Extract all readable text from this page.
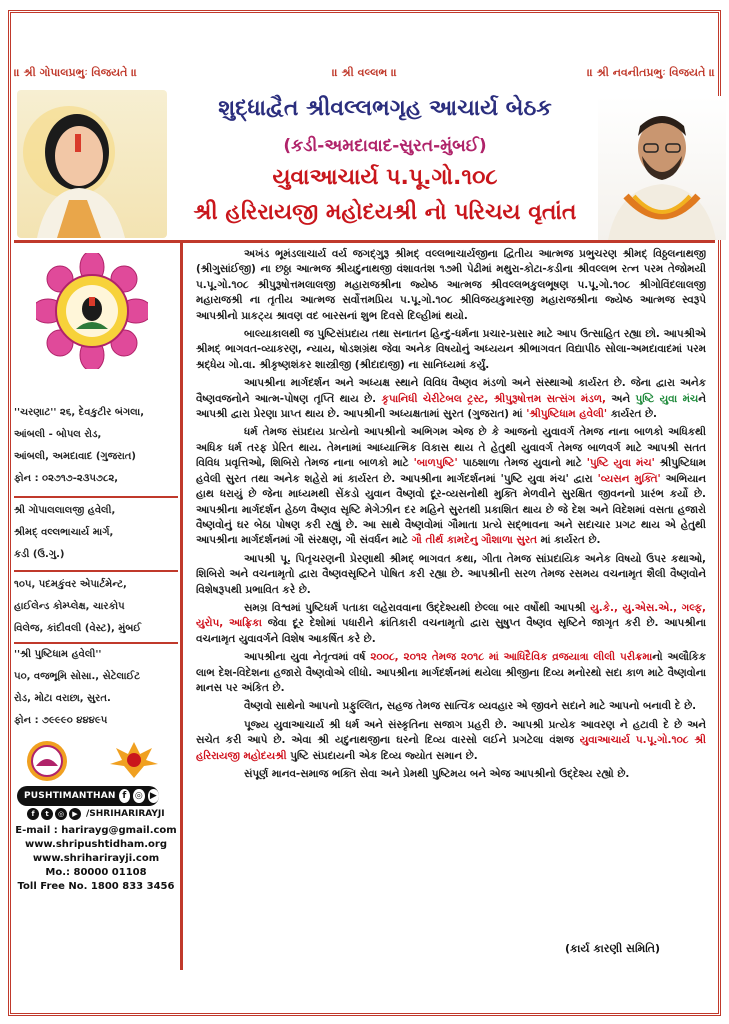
॥ શ્રી ગોપાલપ્રભુઃ વિજયતે ॥	॥ શ્રી વલ્લભ ॥	॥ શ્રી નવનીતપ્રભુઃ વિજયતે ॥
શુદ્ધાદ્વૈત શ્રીવલ્લભગૃહ આચાર્ય બેઠક
(કડી-અમદાવાદ-સુરત-મુંબઈ)
યુવાઆચાર્ય પ.પૂ.ગો.૧૦૮
શ્રી હરિરાયજી મહોદયશ્રી નો પરિચય વૃતાંત
''ચરણાટ'' ૨૬, દેવકુટીર બંગલા,
આંબલી - બોપલ રોડ,
આંબલી, અમદાવાદ (ગુજરાત)
ફોન : ૦૨૭૧૭-૨૩૫૭૮૨,
શ્રી ગોપાલલાલજી હવેલી,
શ્રીમદ્ વલ્લભાચાર્ય માર્ગ,
કડી (ઉ.ગુ.)
૧૦૫, પદમકુંવર એપાર્ટમેન્ટ,
હાઈલેન્ડ કોમ્પ્લેક્ષ, ચારકોપ
વિલેજ, કાંદીવલી (વેસ્ટ), મુંબઈ
''શ્રી પુષ્ટિધામ હવેલી''
૫૦, વજભૂમિ સોસા., સેટેલાઈટ
રોડ, મોટા વરાછા, સુરત.
ફોન : ૭૯૯૯૦ ૪૪૪૯૫
PUSHTIMANTHAN f ◎ ▶
f	t	◎	▶ /SHRIHARIRAYJI
E-mail : harirayg@gmail.com
www.shripushtidham.org
www.shriharirayji.com
Mo.: 80000 01108
Toll Free No. 1800 833 3456

અખંડ ભૂમંડલાચાર્ય વર્ય જગદ્ગુરૂ શ્રીમદ્ વલ્લભાચાર્યજીના દ્વિતીય આત્મજ પ્રભુચરણ શ્રીમદ્ વિઠ્ઠલનાથજી (શ્રીગુસાંઈજી) ના છઠ્ઠા આત્મજ શ્રીયદુનાથજી વંશાવતંશ ૧૭મી પેઢીમાં મથુરા-કોટા-કડીના શ્રીવલ્લભ રત્ન પરમ તેજોમયી પ.પૂ.ગો.૧૦૮ શ્રીપુરૂષોત્તમલાલજી મહારાજશ્રીના જ્યેષ્ઠ આત્મજ શ્રીવલ્લભકુલભૂષણ પ.પૂ.ગો.૧૦૮ શ્રીગોવિંદલાલજી મહારાજશ્રી ના તૃતીય આત્મજ સર્વોત્તમપ્રિય પ.પૂ.ગો.૧૦૮ શ્રીવિજયકુમારજી મહારાજશ્રીના જ્યેષ્ઠ આત્મજ સ્વરૂપે આપશ્રીનો પ્રાકટ્ય શ્રાવણ વદ બારસનાં શુભ દિવસે દિલ્હીમાં થયો.

બાલ્યાકાલથી જ પુષ્ટિસંપ્રદાય તથા સનાતન હિન્દુ-ધર્મના પ્રચાર-પ્રસાર માટે આપ ઉત્સાહિત રહ્યા છો. આપશ્રીએ શ્રીમદ્ ભાગવત-વ્યાકરણ, ન્યાય, ષોડશગ્રંથ જેવા અનેક વિષયોનું અધ્યયન શ્રીભાગવત વિદ્યાપીઠ સોલા-અમદાવાદમાં પરમ શ્રદ્ધેય ગો.વા. શ્રીકૃષ્ણશંકર શાસ્ત્રીજી (શ્રીદાદાજી) ના સાનિધ્યમાં કર્યું.

આપશ્રીના માર્ગદર્શન અને અધ્યક્ષ સ્થાને વિવિધ વૈષ્ણવ મંડળો અને સંસ્થાઓ કાર્યરત છે. જેના દ્વારા અનેક વૈષ્ણવજનોને આત્મ-પોષણ તૃપ્તિ થાય છે. કૃપાનિધી ચેરીટેબલ ટ્રસ્ટ, શ્રીપુરૂષોત્તમ સત્સંગ મંડળ, અને પુષ્ટિ યુવા મંચને આપશ્રી દ્વારા પ્રેરણા પ્રાપ્ત થાય છે. આપશ્રીની અધ્યક્ષતામાં સુરત (ગુજરાત) માં 'શ્રીપુષ્ટિધામ હવેલી' કાર્યરત છે.

ધર્મ તેમજ સંપ્રદાય પ્રત્યેનો આપશ્રીનો અભિગમ એજ છે કે આજનો યુવાવર્ગ તેમજ નાના બાળકો અધિકથી અધિક ધર્મ તરફ પ્રેરિત થાય. તેમનામાં આધ્યાત્મિક વિકાસ થાય તે હેતુથી યુવાવર્ગ તેમજ બાળવર્ગ માટે આપશ્રી સતત વિવિધ પ્રવૃત્તિઓ, શિબિરો તેમજ નાના બાળકો માટે 'બાળપુષ્ટિ' પાઠશાળા તેમજ યુવાનો માટે 'પુષ્ટિ યુવા મંચ' શ્રીપુષ્ટિધામ હવેલી સુરત તથા અનેક શહેરો માં કાર્યરત છે. આપશ્રીના માર્ગદર્શનમાં 'પુષ્ટિ યુવા મંચ' દ્વારા 'વ્યસન મુક્તિ' અભિયાન હાથ ધરાયું છે જેના માધ્યમથી સેંકડો યુવાન વૈષ્ણવો દૂર-વ્યસનોથી મુક્તિ મેળવીને સુરક્ષિત જીવનનો પ્રારંભ કર્યો છે. આપશ્રીના માર્ગદર્શન હેઠળ વૈષ્ણવ સૃષ્ટિ મેગેઝીન દર મહિને સુરતથી પ્રકાશિત થાય છે જે દેશ અને વિદેશમાં વસતા હજારો વૈષ્ણવોનું ઘર બેઠા પોષણ કરી રહ્યું છે. આ સાથે વૈષ્ણવોમાં ગૌમાતા પ્રત્યે સદ્ભાવના અને સદાચાર પ્રગટ થાય એ હેતુથી આપશ્રીના માર્ગદર્શનમાં ગૌ સંરક્ષણ, ગૌ સંવર્ધન માટે ગૌ તીર્થ કામદેનુ ગૌશાળા સુરત માં કાર્યરત છે.

આપશ્રી પૂ. પિતૃચરણની પ્રેરણાથી શ્રીમદ્ ભાગવત કથા, ગીતા તેમજ સાંપ્રદાયિક અનેક વિષયો ઉપર કથાઓ, શિબિરો અને વચનામૃતો દ્વારા વૈષ્ણવસૃષ્ટિને પોષિત કરી રહ્યા છે. આપશ્રીની સરળ તેમજ રસમય વચનામૃત શૈલી વૈષ્ણવોને વિશેષરૂપથી પ્રભાવિત કરે છે.

સમગ્ર વિશ્વમાં પુષ્ટિધર્મ પતાકા લહેરાવવાના ઉદ્દેશ્યથી છેલ્લા બાર વર્ષોથી આપશ્રી યુ.કે., યુ.એસ.એ., ગલ્ફ, યુરોપ, આફ્રિકા જેવા દૂર દેશોમાં પધારીને ક્રાંતિકારી વચનામૃતો દ્વારા સુષુપ્ત વૈષ્ણવ સૃષ્ટિને જાગૃત કરી છે. આપશ્રીના વચનામૃત યુવાવર્ગને વિશેષ આકર્ષિત કરે છે.

આપશ્રીના યુવા નેતૃત્વમાં વર્ષ ૨૦૦૮, ૨૦૧૨ તેમજ ૨૦૧૮ માં આધિદૈવિક વ્રજયાત્રા લીલી પરીક્રમાનો અલૌકિક લાભ દેશ-વિદેશના હજારો વૈષ્ણવોએ લીધો. આપશ્રીના માર્ગદર્શનમાં થયેલા શ્રીજીના દિવ્ય મનોરથો સદા કાળ માટે વૈષ્ણવોના માનસ પર અંકિત છે.

વૈષ્ણવો સાથેનો આપનો પ્રફુલ્લિત, સહજ તેમજ સાત્વિક વ્યવહાર એ જીવને સદાને માટે આપનો બનાવી દે છે.

પૂજ્ય યુવાઆચાર્ય શ્રી ધર્મ અને સંસ્કૃતિના સજાગ પ્રહરી છે. આપશ્રી પ્રત્યેક આવરણ ને હટાવી દે છે અને સચેત કરી આપે છે. એવા શ્રી યદુનાથજીના ઘરનો દિવ્ય વારસો લઈને પ્રગટેલા વંશજ યુવાઆચાર્ય પ.પૂ.ગો.૧૦૮ શ્રી હરિરાયજી મહોદયશ્રી પુષ્ટિ સંપ્રદાયની એક દિવ્ય જ્યોત સમાન છે.

સંપૂર્ણ માનવ-સમાજ ભક્તિ સેવા અને પ્રેમથી પુષ્ટિમય બને એજ આપશ્રીનો ઉદ્દેશ્ય રહ્યો છે.

(કાર્ય કારણી સમિતિ)
